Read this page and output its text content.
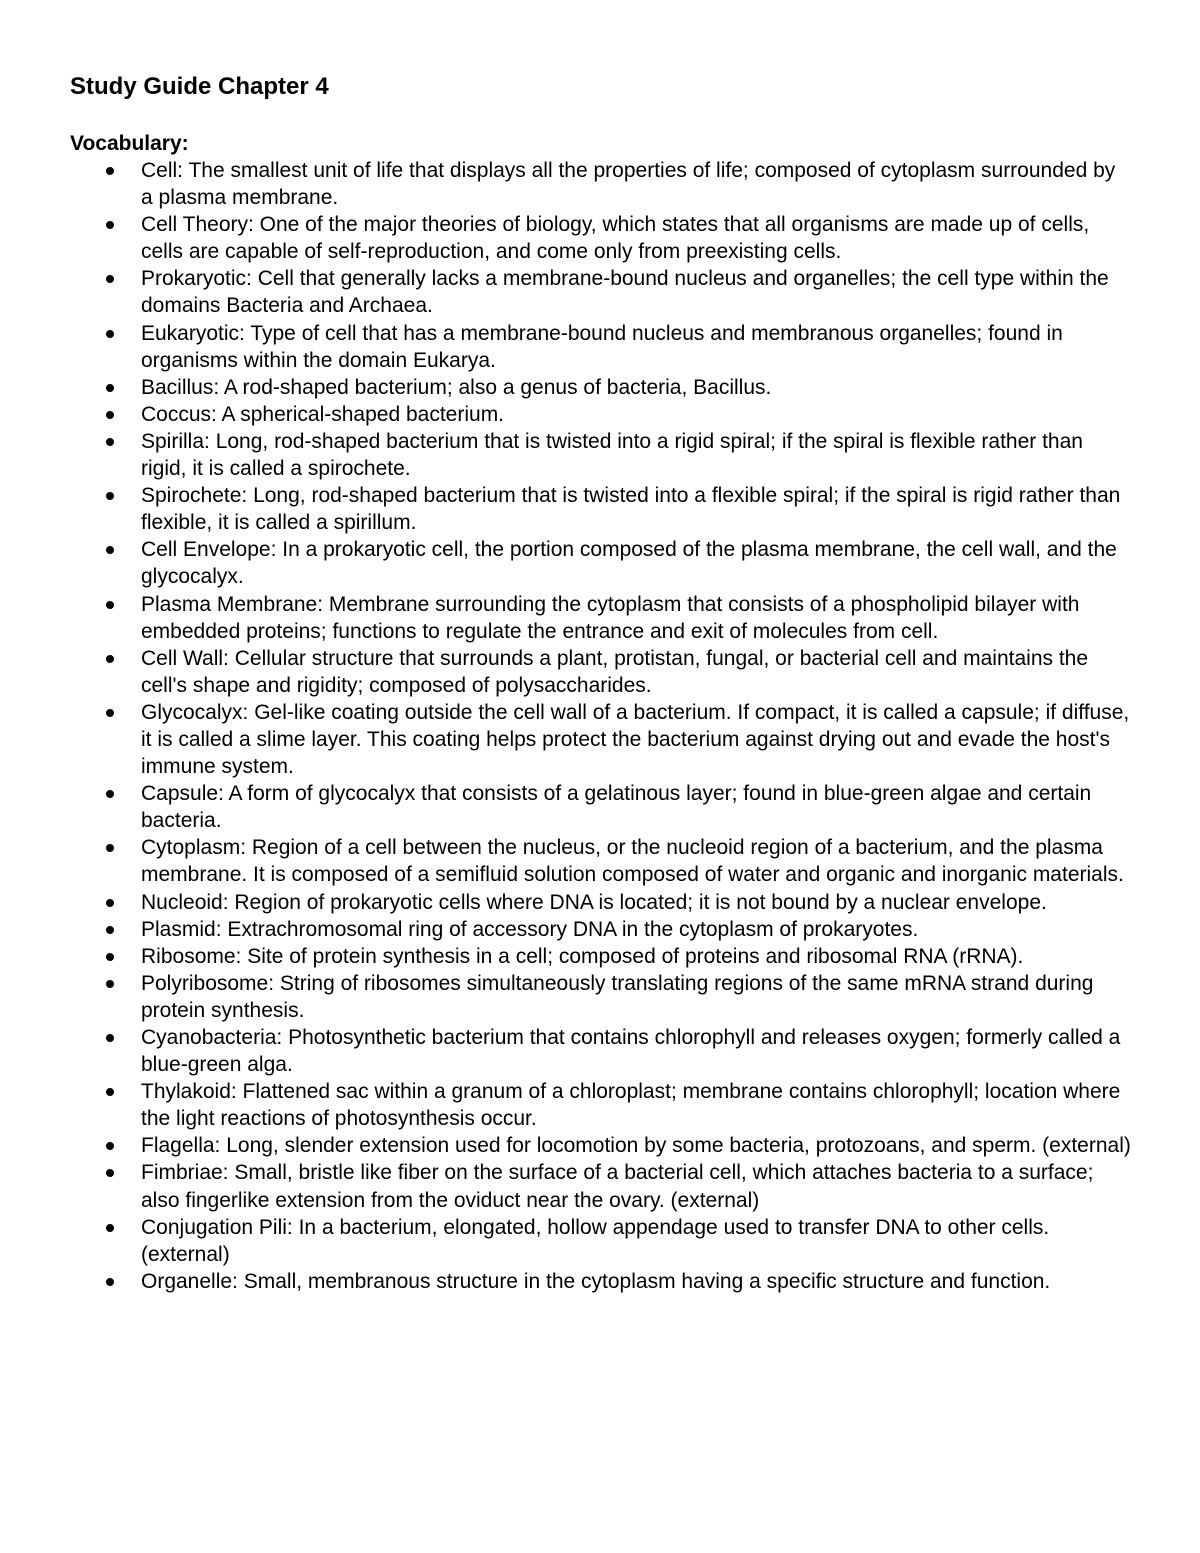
Study Guide Chapter 4
Vocabulary:
Cell: The smallest unit of life that displays all the properties of life; composed of cytoplasm surrounded by a plasma membrane.
Cell Theory: One of the major theories of biology, which states that all organisms are made up of cells, cells are capable of self-reproduction, and come only from preexisting cells.
Prokaryotic: Cell that generally lacks a membrane-bound nucleus and organelles; the cell type within the domains Bacteria and Archaea.
Eukaryotic: Type of cell that has a membrane-bound nucleus and membranous organelles; found in organisms within the domain Eukarya.
Bacillus: A rod-shaped bacterium; also a genus of bacteria, Bacillus.
Coccus: A spherical-shaped bacterium.
Spirilla: Long, rod-shaped bacterium that is twisted into a rigid spiral; if the spiral is flexible rather than rigid, it is called a spirochete.
Spirochete: Long, rod-shaped bacterium that is twisted into a flexible spiral; if the spiral is rigid rather than flexible, it is called a spirillum.
Cell Envelope: In a prokaryotic cell, the portion composed of the plasma membrane, the cell wall, and the glycocalyx.
Plasma Membrane: Membrane surrounding the cytoplasm that consists of a phospholipid bilayer with embedded proteins; functions to regulate the entrance and exit of molecules from cell.
Cell Wall: Cellular structure that surrounds a plant, protistan, fungal, or bacterial cell and maintains the cell's shape and rigidity; composed of polysaccharides.
Glycocalyx: Gel-like coating outside the cell wall of a bacterium. If compact, it is called a capsule; if diffuse, it is called a slime layer. This coating helps protect the bacterium against drying out and evade the host's immune system.
Capsule: A form of glycocalyx that consists of a gelatinous layer; found in blue-green algae and certain bacteria.
Cytoplasm: Region of a cell between the nucleus, or the nucleoid region of a bacterium, and the plasma membrane. It is composed of a semifluid solution composed of water and organic and inorganic materials.
Nucleoid: Region of prokaryotic cells where DNA is located; it is not bound by a nuclear envelope.
Plasmid: Extrachromosomal ring of accessory DNA in the cytoplasm of prokaryotes.
Ribosome: Site of protein synthesis in a cell; composed of proteins and ribosomal RNA (rRNA).
Polyribosome: String of ribosomes simultaneously translating regions of the same mRNA strand during protein synthesis.
Cyanobacteria: Photosynthetic bacterium that contains chlorophyll and releases oxygen; formerly called a blue-green alga.
Thylakoid: Flattened sac within a granum of a chloroplast; membrane contains chlorophyll; location where the light reactions of photosynthesis occur.
Flagella: Long, slender extension used for locomotion by some bacteria, protozoans, and sperm. (external)
Fimbriae: Small, bristle like fiber on the surface of a bacterial cell, which attaches bacteria to a surface; also fingerlike extension from the oviduct near the ovary. (external)
Conjugation Pili: In a bacterium, elongated, hollow appendage used to transfer DNA to other cells. (external)
Organelle: Small, membranous structure in the cytoplasm having a specific structure and function.
